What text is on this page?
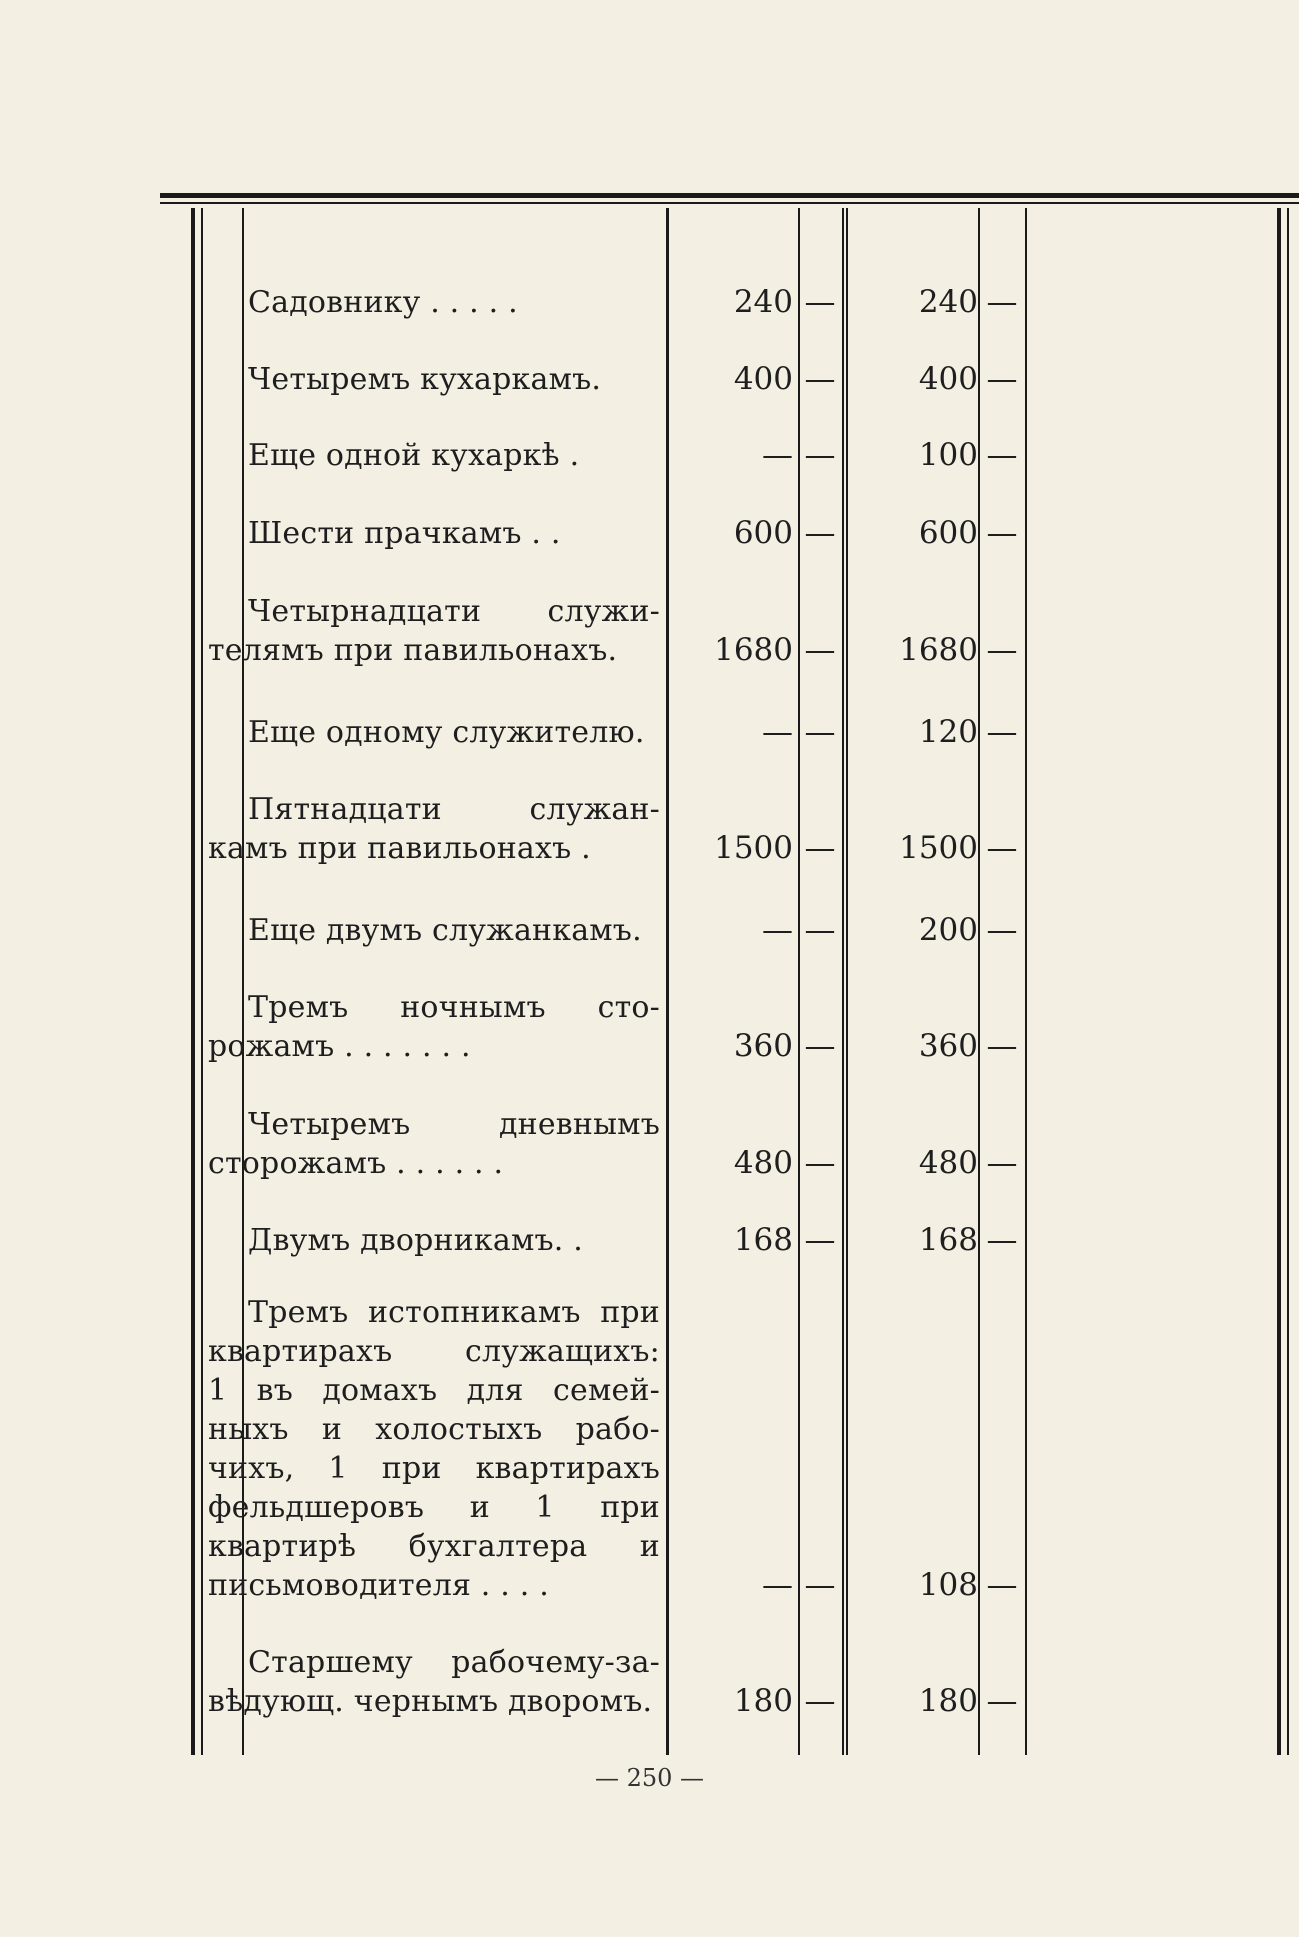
Садовнику . . . . .	240 —	240 —
Четыремъ кухаркамъ.	400 —	400 —
Еще одной кухаркѣ .	— —	100 —
Шести прачкамъ . .	600 —	600 —
Четырнадцати служи-
телямъ при павильонахъ.	1680 —	1680 —
Еще одному служителю.	— —	120 —
Пятнадцати служан-
камъ при павильонахъ .	1500 —	1500 —
Еще двумъ служанкамъ.	— —	200 —
Тремъ ночнымъ сто-
рожамъ . . . . . . .	360 —	360 —
Четыремъ дневнымъ
сторожамъ . . . . . .	480 —	480 —
Двумъ дворникамъ. .	168 —	168 —
Тремъ истопникамъ при
квартирахъ служащихъ:
1 въ домахъ для семей-
ныхъ и холостыхъ рабо-
чихъ, 1 при квартирахъ
фельдшеровъ и 1 при
квартирѣ бухгалтера и
письмоводителя . . . .	— —	108 —
Старшему рабочему-за-
вѣдующ. чернымъ дворомъ.	180 —	180 —
— 250 —
